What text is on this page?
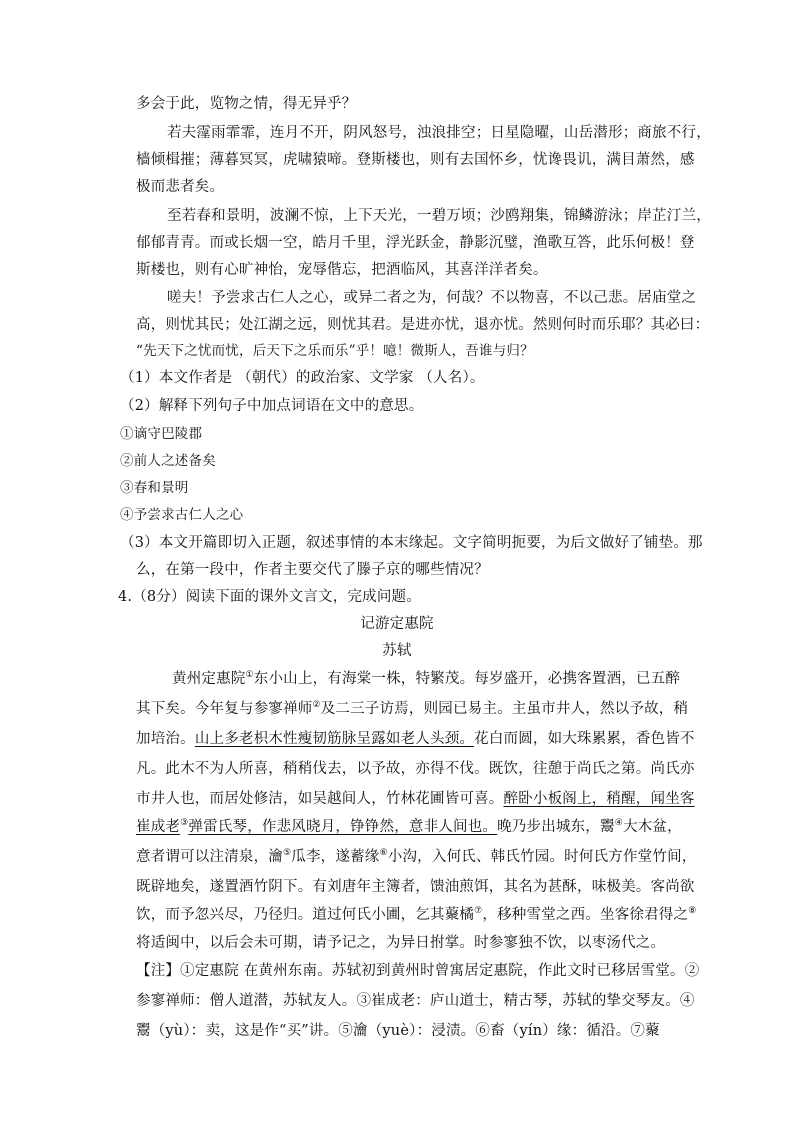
多会于此，览物之情，得无异乎？
若夫霪雨霏霏，连月不开，阴风怒号，浊浪排空；日星隐曜，山岳潜形；商旅不行，
樯倾楫摧；薄暮冥冥，虎啸猿啼。登斯楼也，则有去国怀乡，忧谗畏讥，满目萧然，感
极而悲者矣。
至若春和景明，波澜不惊，上下天光，一碧万顷；沙鸥翔集，锦鳞游泳；岸芷汀兰，
郁郁青青。而或长烟一空，皓月千里，浮光跃金，静影沉璧，渔歌互答，此乐何极！登
斯楼也，则有心旷神怡，宠辱偕忘，把酒临风，其喜洋洋者矣。
嗟夫！予尝求古仁人之心，或异二者之为，何哉？不以物喜，不以己悲。居庙堂之
高，则忧其民；处江湖之远，则忧其君。是进亦忧，退亦忧。然则何时而乐耶？其必曰：
“先天下之忧而忧，后天下之乐而乐”乎！噫！微斯人，吾谁与归？
（1）本文作者是 （朝代）的政治家、文学家 （人名）。
（2）解释下列句子中加点词语在文中的意思。
①谪守巴陵郡
②前人之述备矣
③春和景明
④予尝求古仁人之心
（3）本文开篇即切入正题，叙述事情的本末缘起。文字简明扼要，为后文做好了铺垫。那
么，在第一段中，作者主要交代了滕子京的哪些情况？
4.（8分）阅读下面的课外文言文，完成问题。
记游定惠院
苏轼
黄州定惠院①东小山上，有海棠一株，特繁茂。每岁盛开，必携客置酒，已五醉
其下矣。今年复与参寥禅师②及二三子访焉，则园已易主。主虽市井人，然以予故，稍
加培治。山上多老枳木性瘦韧筋脉呈露如老人头颈。花白而圆，如大珠累累，香色皆不
凡。此木不为人所喜，稍稍伐去，以予故，亦得不伐。既饮，往憩于尚氏之第。尚氏亦
市井人也，而居处修洁，如吴越间人，竹林花圃皆可喜。醉卧小板阁上，稍醒，闻坐客
崔成老③弹雷氏琴，作悲风晓月，铮铮然，意非人间也。晚乃步出城东，鬻④大木盆，
意者谓可以注清泉，瀹⑤瓜李，遂蓄缘⑥小沟，入何氏、韩氏竹园。时何氏方作堂竹间，
既辟地矣，遂置酒竹阴下。有刘唐年主簿者，馈油煎饵，其名为甚酥，味极美。客尚欲
饮，而予忽兴尽，乃径归。道过何氏小圃，乞其藂橘⑦，移种雪堂之西。坐客徐君得之⑧
将适闽中，以后会未可期，请予记之，为异日拊掌。时参寥独不饮，以枣汤代之。
【注】①定惠院 在黄州东南。苏轼初到黄州时曾寓居定惠院，作此文时已移居雪堂。②
参寥禅师：僧人道潜，苏轼友人。③崔成老：庐山道士，精古琴，苏轼的挚交琴友。④
鬻（yù）：卖，这是作“买”讲。⑤瀹（yuè）：浸渍。⑥畜（yín）缘：循沿。⑦藂
